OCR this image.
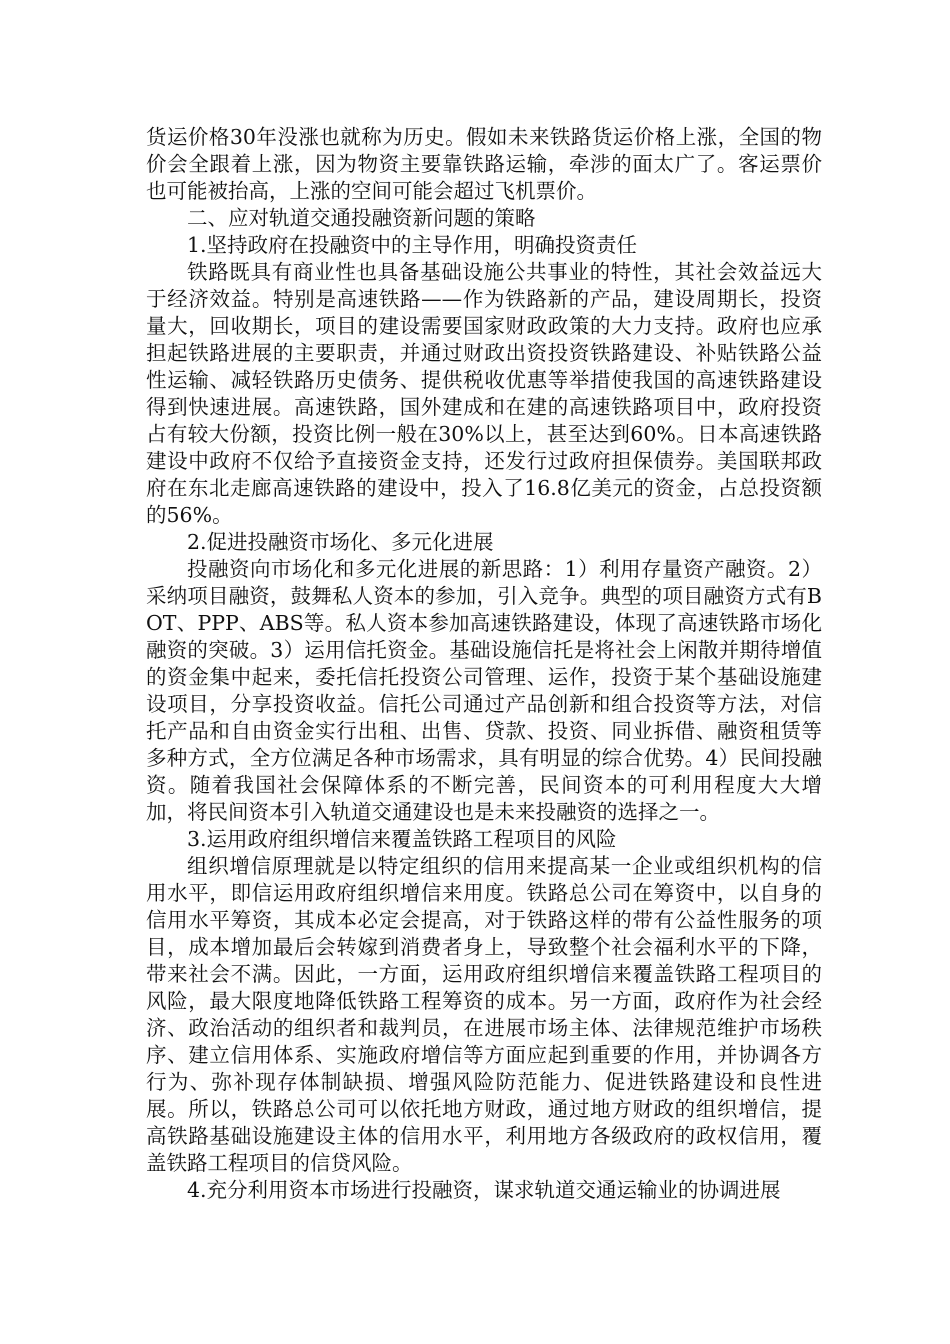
货运价格30年没涨也就称为历史。假如未来铁路货运价格上涨，全国的物价会全跟着上涨，因为物资主要靠铁路运输，牵涉的面太广了。客运票价也可能被抬高，上涨的空间可能会超过飞机票价。

二、应对轨道交通投融资新问题的策略

1.坚持政府在投融资中的主导作用，明确投资责任

铁路既具有商业性也具备基础设施公共事业的特性，其社会效益远大于经济效益。特别是高速铁路——作为铁路新的产品，建设周期长，投资量大，回收期长，项目的建设需要国家财政政策的大力支持。政府也应承担起铁路进展的主要职责，并通过财政出资投资铁路建设、补贴铁路公益性运输、减轻铁路历史债务、提供税收优惠等举措使我国的高速铁路建设得到快速进展。高速铁路，国外建成和在建的高速铁路项目中，政府投资占有较大份额，投资比例一般在30%以上，甚至达到60%。日本高速铁路建设中政府不仅给予直接资金支持，还发行过政府担保债券。美国联邦政府在东北走廊高速铁路的建设中，投入了16.8亿美元的资金，占总投资额的56%。

2.促进投融资市场化、多元化进展

投融资向市场化和多元化进展的新思路：1）利用存量资产融资。2）采纳项目融资，鼓舞私人资本的参加，引入竞争。典型的项目融资方式有BOT、PPP、ABS等。私人资本参加高速铁路建设，体现了高速铁路市场化融资的突破。3）运用信托资金。基础设施信托是将社会上闲散并期待增值的资金集中起来，委托信托投资公司管理、运作，投资于某个基础设施建设项目，分享投资收益。信托公司通过产品创新和组合投资等方法，对信托产品和自由资金实行出租、出售、贷款、投资、同业拆借、融资租赁等多种方式，全方位满足各种市场需求，具有明显的综合优势。4）民间投融资。随着我国社会保障体系的不断完善，民间资本的可利用程度大大增加，将民间资本引入轨道交通建设也是未来投融资的选择之一。

3.运用政府组织增信来覆盖铁路工程项目的风险

组织增信原理就是以特定组织的信用来提高某一企业或组织机构的信用水平，即信运用政府组织增信来用度。铁路总公司在筹资中，以自身的信用水平筹资，其成本必定会提高，对于铁路这样的带有公益性服务的项目，成本增加最后会转嫁到消费者身上，导致整个社会福利水平的下降，带来社会不满。因此，一方面，运用政府组织增信来覆盖铁路工程项目的风险，最大限度地降低铁路工程筹资的成本。另一方面，政府作为社会经济、政治活动的组织者和裁判员，在进展市场主体、法律规范维护市场秩序、建立信用体系、实施政府增信等方面应起到重要的作用，并协调各方行为、弥补现存体制缺损、增强风险防范能力、促进铁路建设和良性进展。所以，铁路总公司可以依托地方财政，通过地方财政的组织增信，提高铁路基础设施建设主体的信用水平，利用地方各级政府的政权信用，覆盖铁路工程项目的信贷风险。

4.充分利用资本市场进行投融资，谋求轨道交通运输业的协调进展
